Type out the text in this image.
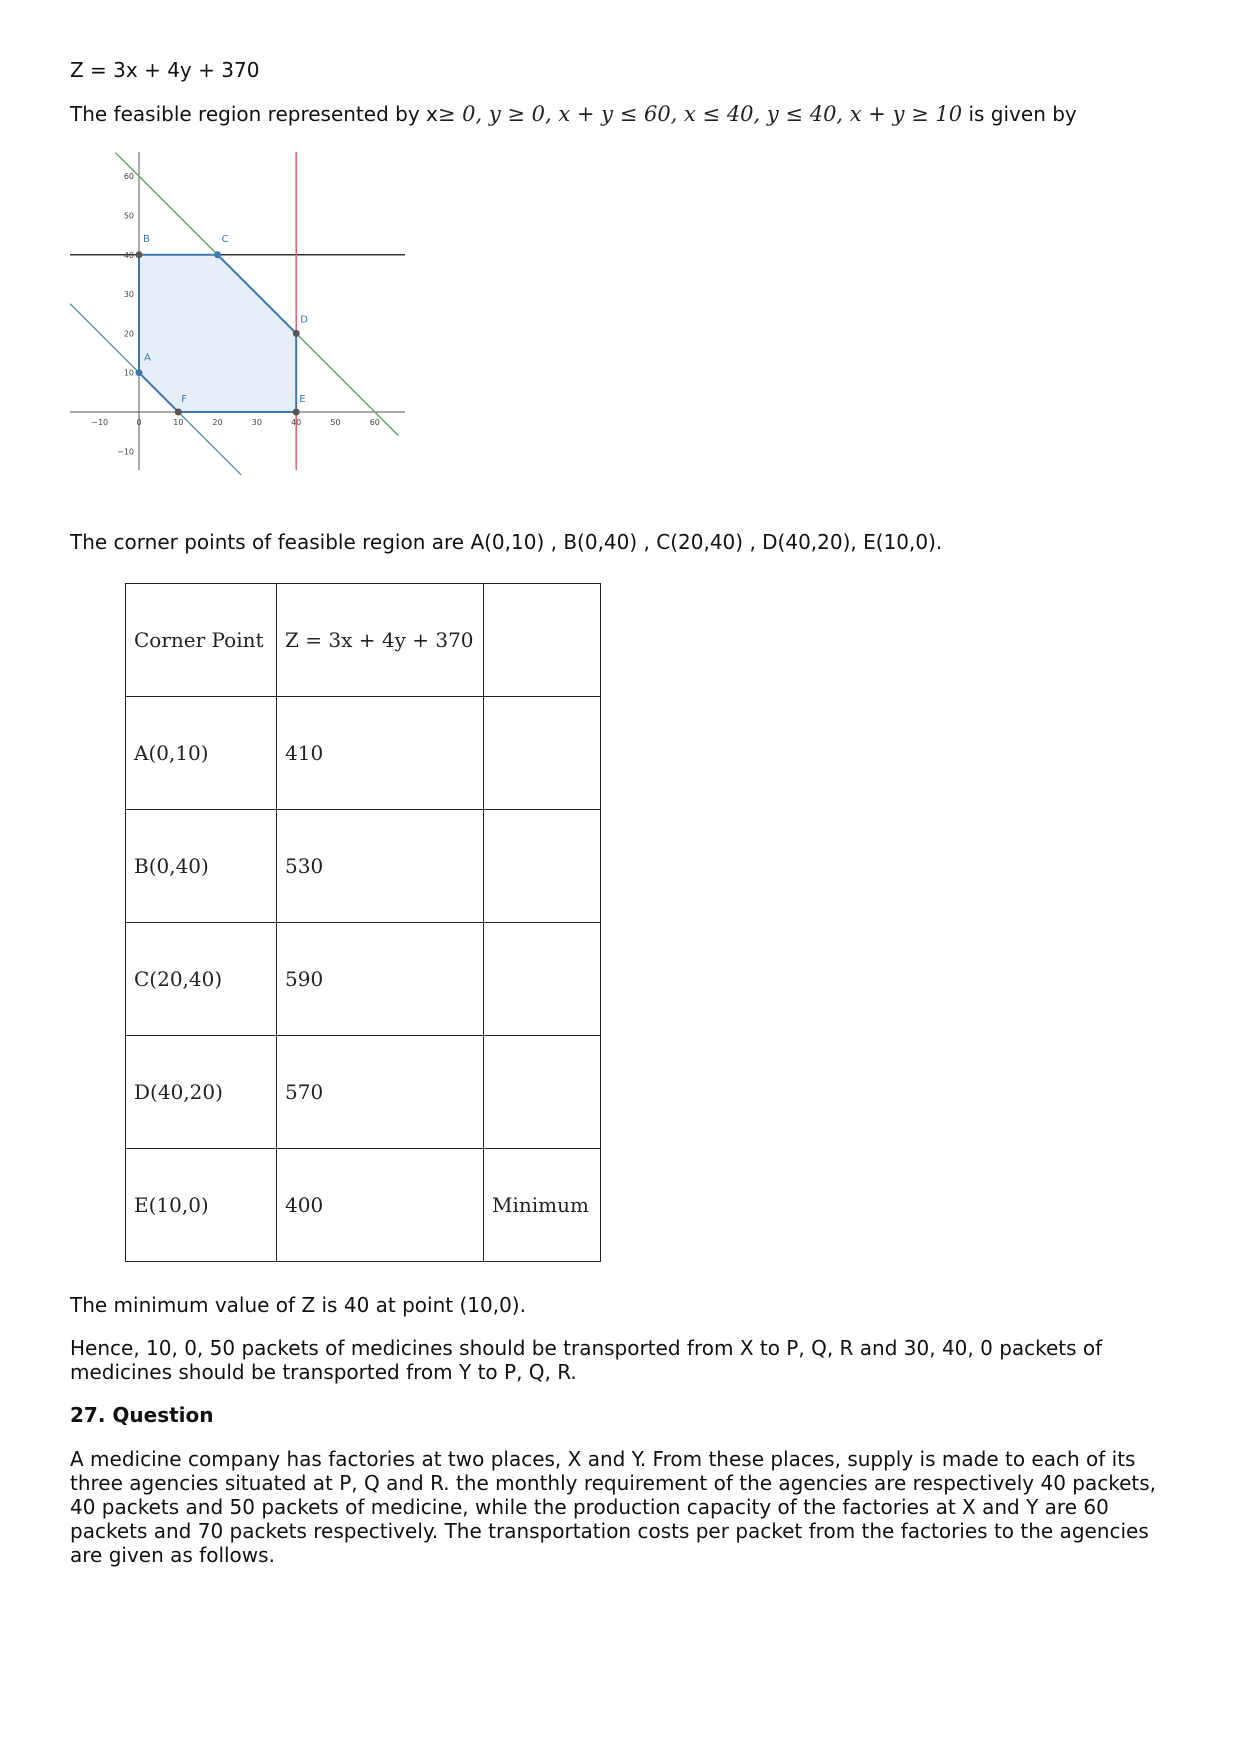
Z = 3x + 4y + 370

The feasible region represented by x≥ 0, y ≥ 0, x + y ≤ 60, x ≤ 40, y ≤ 40, x + y ≥ 10 is given by

−10	0	10	20	30	40	50	60
60
50
40
30
20
10
−10
A
B	C
D
E
F

The corner points of feasible region are A(0,10) , B(0,40) , C(20,40) , D(40,20), E(10,0).

Corner Point	Z = 3x + 4y + 370	
A(0,10)	410	
B(0,40)	530	
C(20,40)	590	
D(40,20)	570	
E(10,0)	400	Minimum

The minimum value of Z is 40 at point (10,0).

Hence, 10, 0, 50 packets of medicines should be transported from X to P, Q, R and 30, 40, 0 packets of medicines should be transported from Y to P, Q, R.

27. Question

A medicine company has factories at two places, X and Y. From these places, supply is made to each of its three agencies situated at P, Q and R. the monthly requirement of the agencies are respectively 40 packets, 40 packets and 50 packets of medicine, while the production capacity of the factories at X and Y are 60 packets and 70 packets respectively. The transportation costs per packet from the factories to the agencies are given as follows.
